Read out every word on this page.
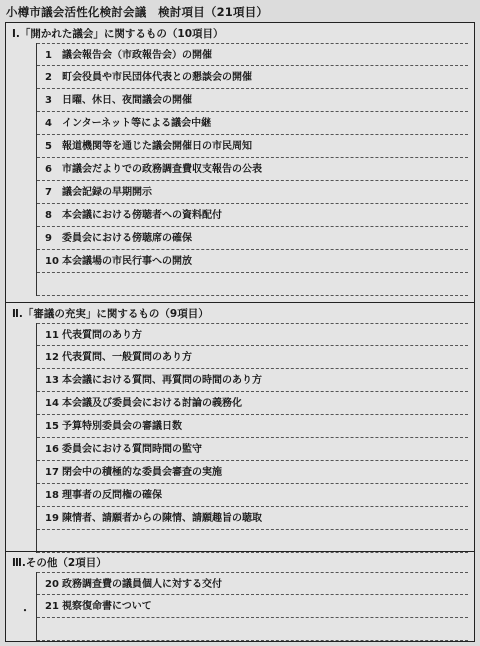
小樽市議会活性化検討会議　検討項目（21項目）
Ⅰ.「開かれた議会」に関するもの（10項目）
1 議会報告会（市政報告会）の開催
2 町会役員や市民団体代表との懇談会の開催
3 日曜、休日、夜間議会の開催
4 インターネット等による議会中継
5 報道機関等を通じた議会開催日の市民周知
6 市議会だよりでの政務調査費収支報告の公表
7 議会記録の早期開示
8 本会議における傍聴者への資料配付
9 委員会における傍聴席の確保
10 本会議場の市民行事への開放
Ⅱ.「審議の充実」に関するもの（9項目）
11 代表質問のあり方
12 代表質問、一般質問のあり方
13 本会議における質問、再質問の時間のあり方
14 本会議及び委員会における討論の義務化
15 予算特別委員会の審議日数
16 委員会における質問時間の監守
17 閉会中の積極的な委員会審査の実施
18 理事者の反問権の確保
19 陳情者、請願者からの陳情、請願趣旨の聴取
Ⅲ.その他（2項目）
・
20 政務調査費の議員個人に対する交付
21 視察復命書について
